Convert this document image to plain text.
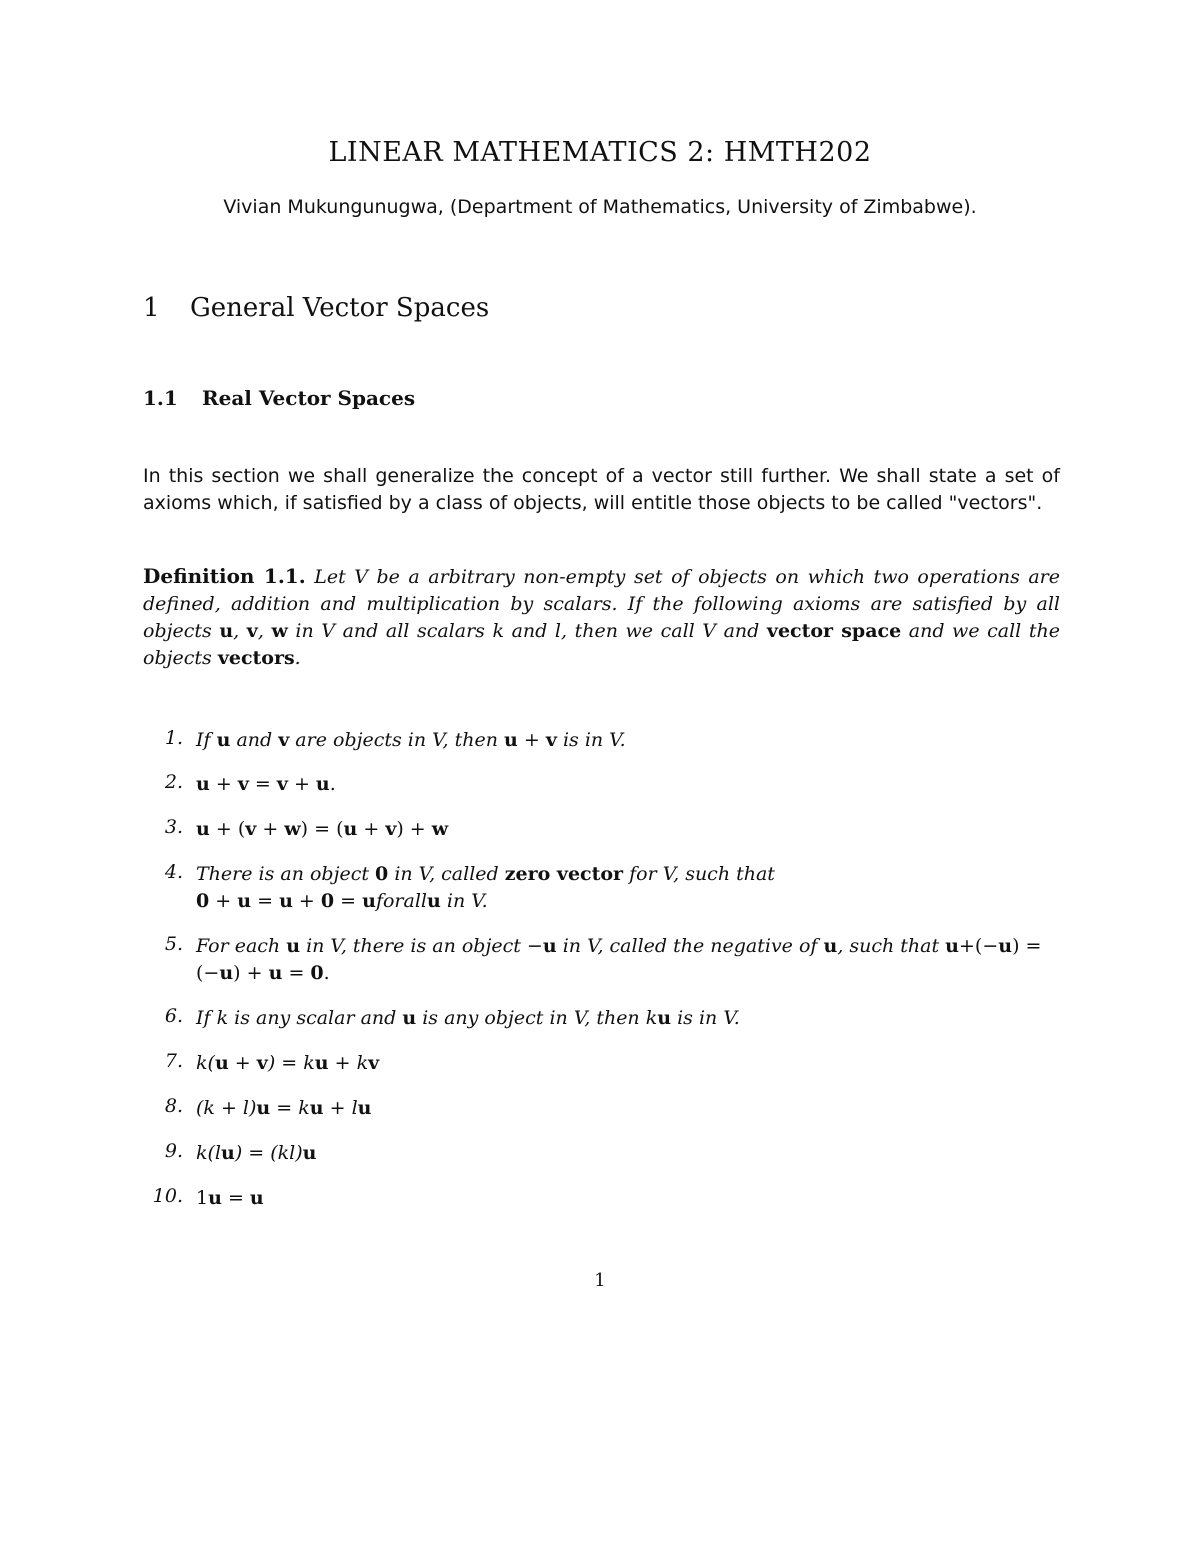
LINEAR MATHEMATICS 2: HMTH202
Vivian Mukungunugwa, (Department of Mathematics, University of Zimbabwe).
1 General Vector Spaces
1.1 Real Vector Spaces
In this section we shall generalize the concept of a vector still further. We shall state a set of axioms which, if satisfied by a class of objects, will entitle those objects to be called "vectors".
Definition 1.1. Let V be a arbitrary non-empty set of objects on which two operations are defined, addition and multiplication by scalars. If the following axioms are satisfied by all objects u, v, w in V and all scalars k and l, then we call V and vector space and we call the objects vectors.
1. If u and v are objects in V, then u + v is in V.
2. u + v = v + u.
3. u + (v + w) = (u + v) + w
4. There is an object 0 in V, called zero vector for V, such that
0 + u = u + 0 = uforallu in V.
5. For each u in V, there is an object −u in V, called the negative of u, such that u+(−u) =
(−u) + u = 0.
6. If k is any scalar and u is any object in V, then ku is in V.
7. k(u + v) = ku + kv
8. (k + l)u = ku + lu
9. k(lu) = (kl)u
10. 1u = u
1
